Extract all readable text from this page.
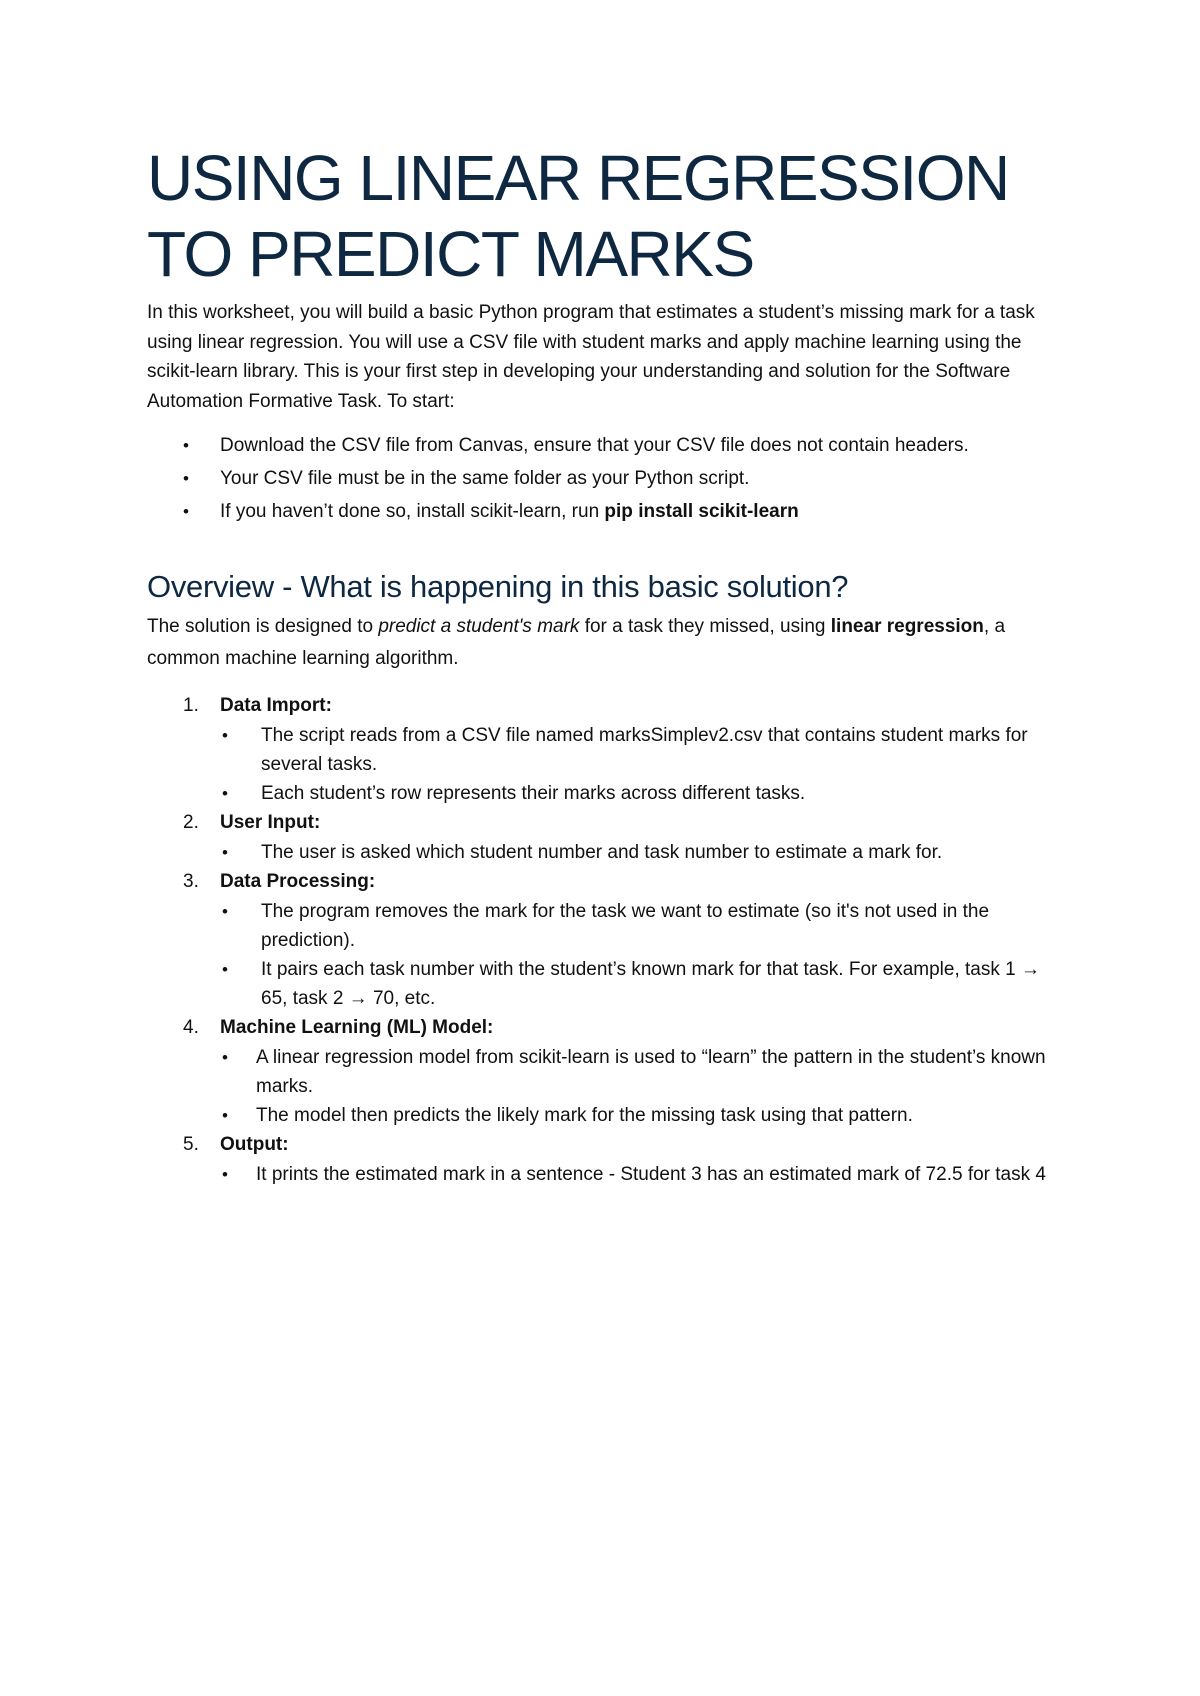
USING LINEAR REGRESSION
TO PREDICT MARKS

In this worksheet, you will build a basic Python program that estimates a student’s missing mark for a task using linear regression. You will use a CSV file with student marks and apply machine learning using the scikit-learn library. This is your first step in developing your understanding and solution for the Software Automation Formative Task. To start:

• Download the CSV file from Canvas, ensure that your CSV file does not contain headers.
• Your CSV file must be in the same folder as your Python script.
• If you haven’t done so, install scikit-learn, run pip install scikit-learn
Overview - What is happening in this basic solution?

The solution is designed to predict a student's mark for a task they missed, using linear regression, a common machine learning algorithm.

1. Data Import:
• The script reads from a CSV file named marksSimplev2.csv that contains student marks for several tasks.
• Each student’s row represents their marks across different tasks.
2. User Input:
• The user is asked which student number and task number to estimate a mark for.
3. Data Processing:
• The program removes the mark for the task we want to estimate (so it's not used in the prediction).
• It pairs each task number with the student’s known mark for that task. For example, task 1 → 65, task 2 → 70, etc.
4. Machine Learning (ML) Model:
• A linear regression model from scikit-learn is used to “learn” the pattern in the student’s known marks.
• The model then predicts the likely mark for the missing task using that pattern.
5. Output:
• It prints the estimated mark in a sentence - Student 3 has an estimated mark of 72.5 for task 4
